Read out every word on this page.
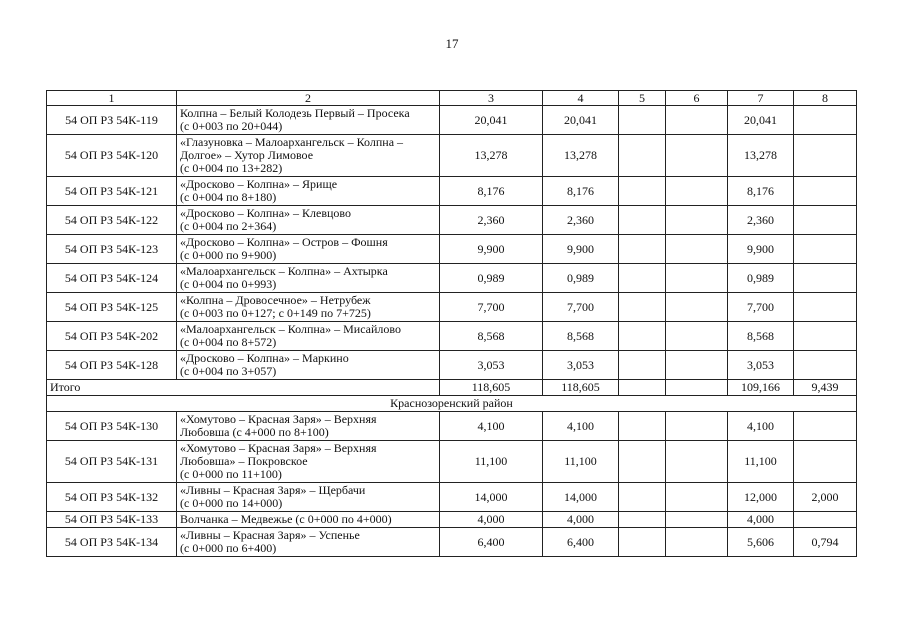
17
1	2	3	4	5	6	7	8
54 ОП РЗ 54К-119	Колпна – Белый Колодезь Первый – Просека
(с 0+003 по 20+044)	20,041	20,041			20,041	
54 ОП РЗ 54К-120	«Глазуновка – Малоархангельск – Колпна –
Долгое» – Хутор Лимовое
(с 0+004 по 13+282)	13,278	13,278			13,278	
54 ОП РЗ 54К-121	«Дросково – Колпна» – Ярище
(с 0+004 по 8+180)	8,176	8,176			8,176	
54 ОП РЗ 54К-122	«Дросково – Колпна» – Клевцово
(с 0+004 по 2+364)	2,360	2,360			2,360	
54 ОП РЗ 54К-123	«Дросково – Колпна» – Остров – Фошня
(с 0+000 по 9+900)	9,900	9,900			9,900	
54 ОП РЗ 54К-124	«Малоархангельск – Колпна» – Ахтырка
(с 0+004 по 0+993)	0,989	0,989			0,989	
54 ОП РЗ 54К-125	«Колпна – Дровосечное» – Нетрубеж
(с 0+003 по 0+127; с 0+149 по 7+725)	7,700	7,700			7,700	
54 ОП РЗ 54К-202	«Малоархангельск – Колпна» – Мисайлово
(с 0+004 по 8+572)	8,568	8,568			8,568	
54 ОП РЗ 54К-128	«Дросково – Колпна» – Маркино
(с 0+004 по 3+057)	3,053	3,053			3,053	
Итого		118,605	118,605			109,166	9,439
Краснозоренский район							
54 ОП РЗ 54К-130	«Хомутово – Красная Заря» – Верхняя
Любовша (с 4+000 по 8+100)	4,100	4,100			4,100	
54 ОП РЗ 54К-131	«Хомутово – Красная Заря» – Верхняя
Любовша» – Покровское
(с 0+000 по 11+100)	11,100	11,100			11,100	
54 ОП РЗ 54К-132	«Ливны – Красная Заря» – Щербачи
(с 0+000 по 14+000)	14,000	14,000			12,000	2,000
54 ОП РЗ 54К-133	Волчанка – Медвежье (с 0+000 по 4+000)	4,000	4,000			4,000	
54 ОП РЗ 54К-134	«Ливны – Красная Заря» – Успенье
(с 0+000 по 6+400)	6,400	6,400			5,606	0,794
